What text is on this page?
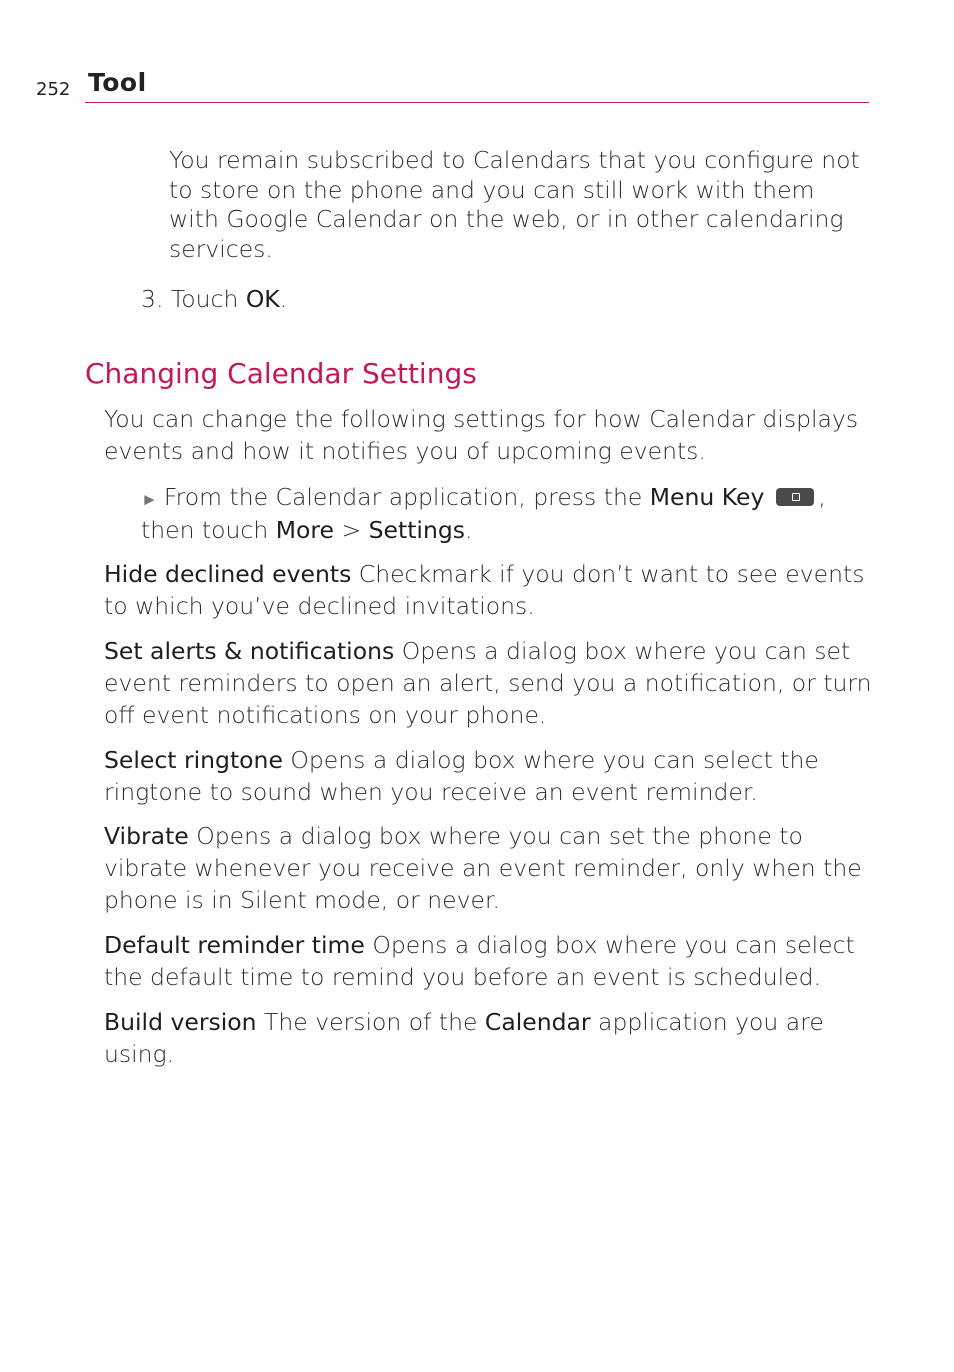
252 Tool

You remain subscribed to Calendars that you configure not to store on the phone and you can still work with them with Google Calendar on the web, or in other calendaring services.

3. Touch OK.

Changing Calendar Settings

You can change the following settings for how Calendar displays events and how it notifies you of upcoming events.

► From the Calendar application, press the Menu Key ,
then touch More > Settings.

Hide declined events Checkmark if you don’t want to see events to which you’ve declined invitations.

Set alerts & notifications Opens a dialog box where you can set event reminders to open an alert, send you a notification, or turn off event notifications on your phone.

Select ringtone Opens a dialog box where you can select the ringtone to sound when you receive an event reminder.

Vibrate Opens a dialog box where you can set the phone to vibrate whenever you receive an event reminder, only when the phone is in Silent mode, or never.

Default reminder time Opens a dialog box where you can select the default time to remind you before an event is scheduled.

Build version The version of the Calendar application you are using.
